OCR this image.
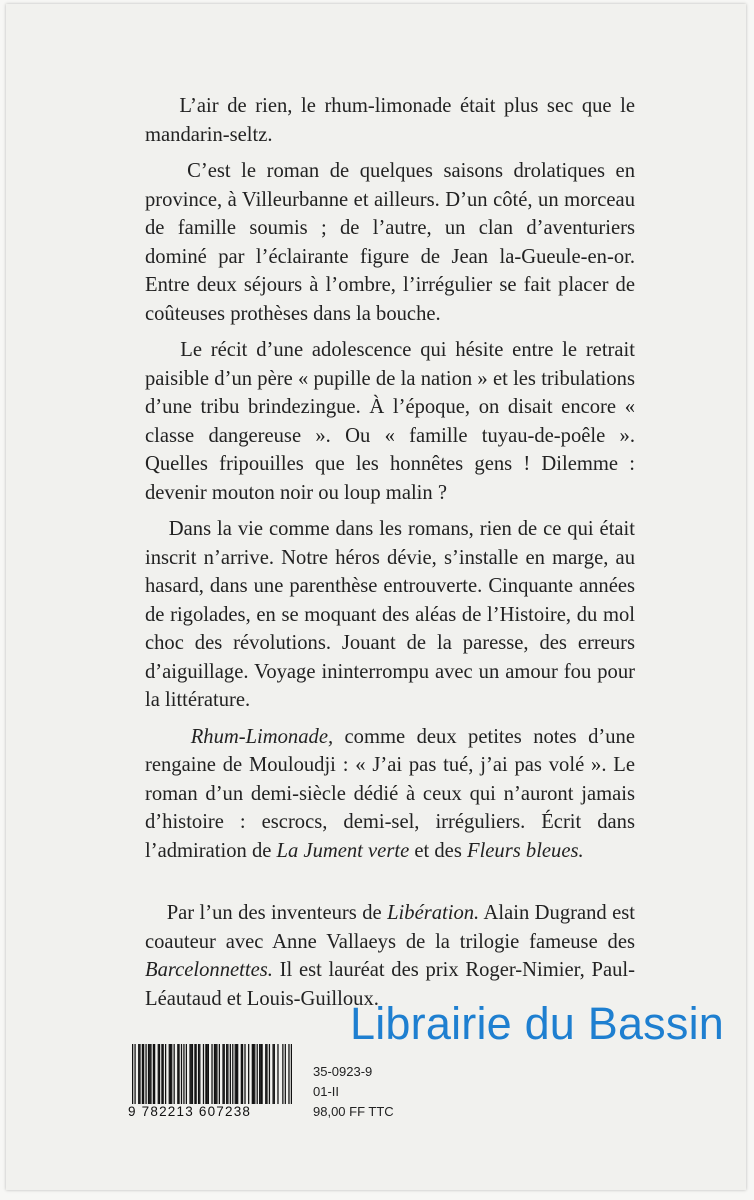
L’air de rien, le rhum-limonade était plus sec que le mandarin-seltz.

C’est le roman de quelques saisons drolatiques en province, à Villeurbanne et ailleurs. D’un côté, un morceau de famille soumis ; de l’autre, un clan d’aventuriers dominé par l’éclairante figure de Jean la-Gueule-en-or. Entre deux séjours à l’ombre, l’irrégulier se fait placer de coûteuses prothèses dans la bouche.

Le récit d’une adolescence qui hésite entre le retrait paisible d’un père « pupille de la nation » et les tribulations d’une tribu brindezingue. À l’époque, on disait encore « classe dangereuse ». Ou « famille tuyau-de-poêle ». Quelles fripouilles que les honnêtes gens ! Dilemme : devenir mouton noir ou loup malin ?

Dans la vie comme dans les romans, rien de ce qui était inscrit n’arrive. Notre héros dévie, s’installe en marge, au hasard, dans une parenthèse entrouverte. Cinquante années de rigolades, en se moquant des aléas de l’Histoire, du mol choc des révolutions. Jouant de la paresse, des erreurs d’aiguillage. Voyage ininterrompu avec un amour fou pour la littérature.

Rhum-Limonade, comme deux petites notes d’une rengaine de Mouloudji : « J’ai pas tué, j’ai pas volé ». Le roman d’un demi-siècle dédié à ceux qui n’auront jamais d’histoire : escrocs, demi-sel, irréguliers. Écrit dans l’admiration de La Jument verte et des Fleurs bleues.

Par l’un des inventeurs de Libération. Alain Dugrand est coauteur avec Anne Vallaeys de la trilogie fameuse des Barcelonnettes. Il est lauréat des prix Roger-Nimier, Paul-Léautaud et Louis-Guilloux.

Librairie du Bassin
9 782213 607238
35-0923-9
01-II
98,00 FF TTC
